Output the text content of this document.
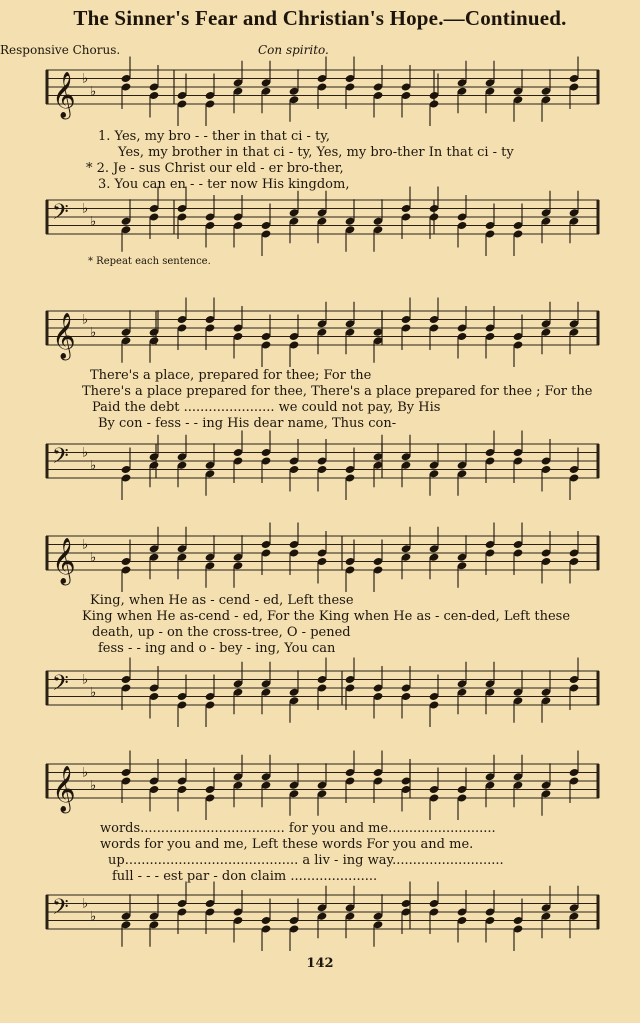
The Sinner's Fear and Christian's Hope.—Continued.
Responsive Chorus.	Con spirito.
𝄞 ♭
♭
𝄢 ♭
♭
1. Yes, my bro - - ther in that ci - ty,
Yes, my brother in that ci - ty, Yes, my bro-ther In that ci - ty
* 2. Je - sus Christ our eld - er bro-ther,
3. You can en - - ter now His kingdom,
* Repeat each sentence.
𝄞 ♭
♭
𝄢 ♭
♭
There's a place, prepared for thee; For the
There's a place prepared for thee, There's a place prepared for thee ; For the
Paid the debt ...................... we could not pay, By His
By con - fess - - ing His dear name, Thus con-
𝄞 ♭
♭
𝄢 ♭
♭
King, when He as - cend - ed, Left these
King when He as-cend - ed, For the King when He as - cen-ded, Left these
death, up - on the cross-tree, O - pened
fess - - ing and o - bey - ing, You can
𝄞 ♭
♭
𝄢 ♭
♭
words................................... for you and me..........................
words for you and me, Left these words For you and me.
up.......................................... a liv - ing way...........................
full - - - est par - don claim .....................
142
